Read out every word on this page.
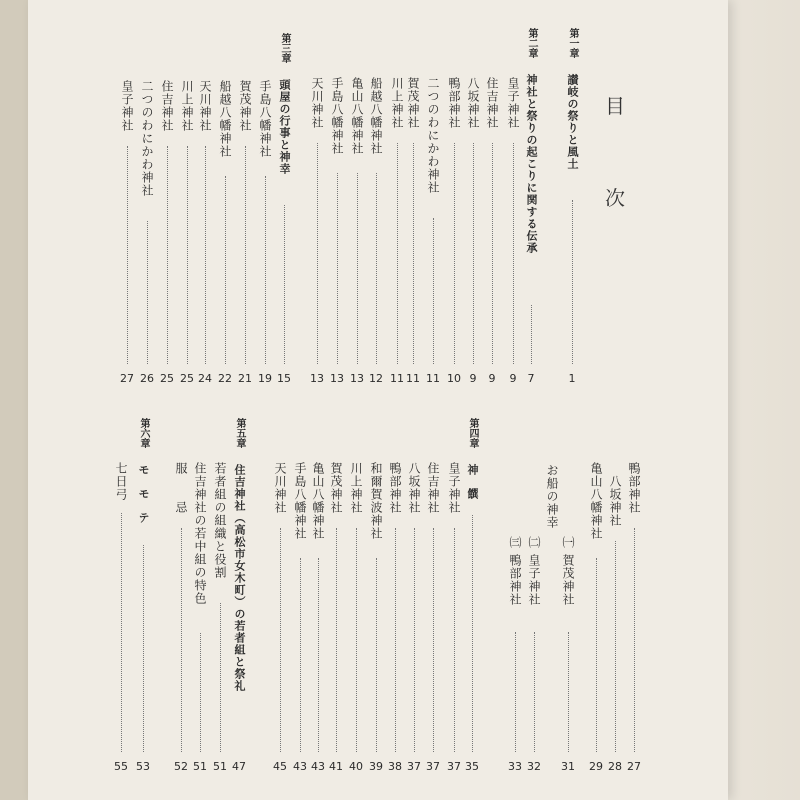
目
次
第一章
讃岐の祭りと風土
1
第二章
神社と祭りの起こりに関する伝承
7
皇子神社
9
住吉神社
9
八坂神社
9
鴨部神社
10
二つのわにかわ神社
11
賀茂神社
11
川上神社
11
船越八幡神社
12
亀山八幡神社
13
手島八幡神社
13
天川神社
13
第三章
頭屋の行事と神幸
15
手島八幡神社
19
賀茂神社
21
船越八幡神社
22
天川神社
24
川上神社
25
住吉神社
25
二つのわにかわ神社
26
皇子神社
27
鴨部神社
27
八坂神社
28
亀山八幡神社
29
お船の神幸
㈠ 賀茂神社
31
㈡ 皇子神社
32
㈢ 鴨部神社
33
第四章
神　饌
35
皇子神社
37
住吉神社
37
八坂神社
37
鴨部神社
38
和爾賀波神社
39
川上神社
40
賀茂神社
41
亀山八幡神社
43
手島八幡神社
43
天川神社
45
第五章
住吉神社（高松市女木町）の若者組と祭礼
47
若者組の組織と役割
51
住吉神社の若中組の特色
51
服　　忌
52
第六章
モ　モ　テ
53
七日弓
55
